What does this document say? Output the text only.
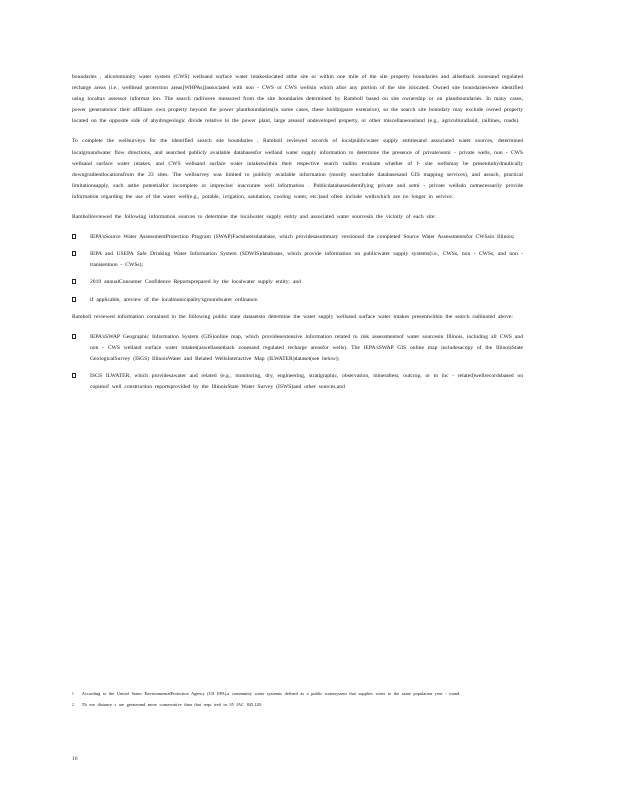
boundaries , allcommunity water system (CWS) wellsand surface water intakeslocated atthe site or within one mile of the site property boundaries and allsetback zonesand regulated recharge areas (i.e., wellhead protection areas[WHPAs])associated with non - CWS or CWS wellsin which allor any portion of the site islocated. Owned site boundarieswere identified using localtax assessor informat ion. The search radiiwere measured from the site boundaries determined by Ramboll based on site ownership or on plantboundaries. In many cases, power generatorsor their affiliates own property beyond the power plantboundaries(in some cases, these holdingsare extensive), so the search site boundary may exclude owned property located on the opposite side of ahydrogeologic divide relative to the power plant, large areasof undeveloped property, or other miscellaneousland (e.g., agriculturalland, raillines, roads).

To complete the wellsurveys for the identified search site boundaries , Ramboll reviewed records of localpublicwater supply entitiesand associated water sources, determined localgroundwater flow directions, and searched publicly available databasesfor welland water supply information to determine the presence of private/semi - private wells, non - CWS wellsand surface water intakes, and CWS wellsand surface water intakeswithin their respective search radiito evaluate whether of f- site wellsmay be presentinhydraulically downgradientlocationsfrom the 23 sites. The wellsurvey was limited to publicly available information (mostly searchable databasesand GIS mapping services), and assuch, practical limitationsapply, such asthe potentialfor incomplete or imprecise/ inaccurate well information . Publicdatabasesidentifying private and semi - private wellsdo notnecessarily provide information regarding the use of the water well(e.g., potable, irrigation, sanitation, cooling water, etc.)and often include wellswhich are no longer in service.

Rambollreviewed the following information sources to determine the localwater supply entity and associated water sourcesin the vicinity of each site:

IEPA'sSource Water AssessmentProtection Program (SWAP)Factsheetsdatabase, which providesasummary versionsof the completed Source Water Assessmentsfor CWSsin Illinois;
IEPA and USEPA Safe Drinking Water Information System (SDWIS)databases, which provide information on publicwater supply systems(i.e., CWSs, non - CWSs, and non - transientnon - CWSs);
2019 annualConsumer Confidence Reportsprepared by the localwater supply entity; and
if applicable, areview of the localmunicipality'sgroundwater ordinance.

Ramboll reviewed information contained in the following public state datasetsto determine the water supply wellsand surface water intakes presentwithin the search radiinoted above:

IEPA'sSWAP Geographic Information System (GIS)online map, which providesextensive information related to risk assessmentsof water sourcesin Illinois, including all CWS and non - CWS welland surface water intakes(aswellassetback zonesand regulated recharge areasfor wells). The IEPA'sSWAP GIS online map includesacopy of the IllinoisState GeologicalSurvey (ISGS) IllinoisWater and Related WellsInteractive Map (ILWATER)dataset(see below);
ISGS ILWATER, which providesawater and related (e.g., monitoring, dry, engineering, stratigraphic, observation, mineraltest, outcrop, or m inc - related)wellrecordsbased on copiesof well construction reportsprovided by the IllinoisState Water Survey (ISWS)and other sources,and

$^1$ According to the United States EnvironmentalProtection Agency (US EPA),a community water systemis defined as a public watersystem that supplies water to the same population year - round.

$^2$ Th ese distance s are greaterand more conservative than that requ ired in 35 IAC 845.120.

16
